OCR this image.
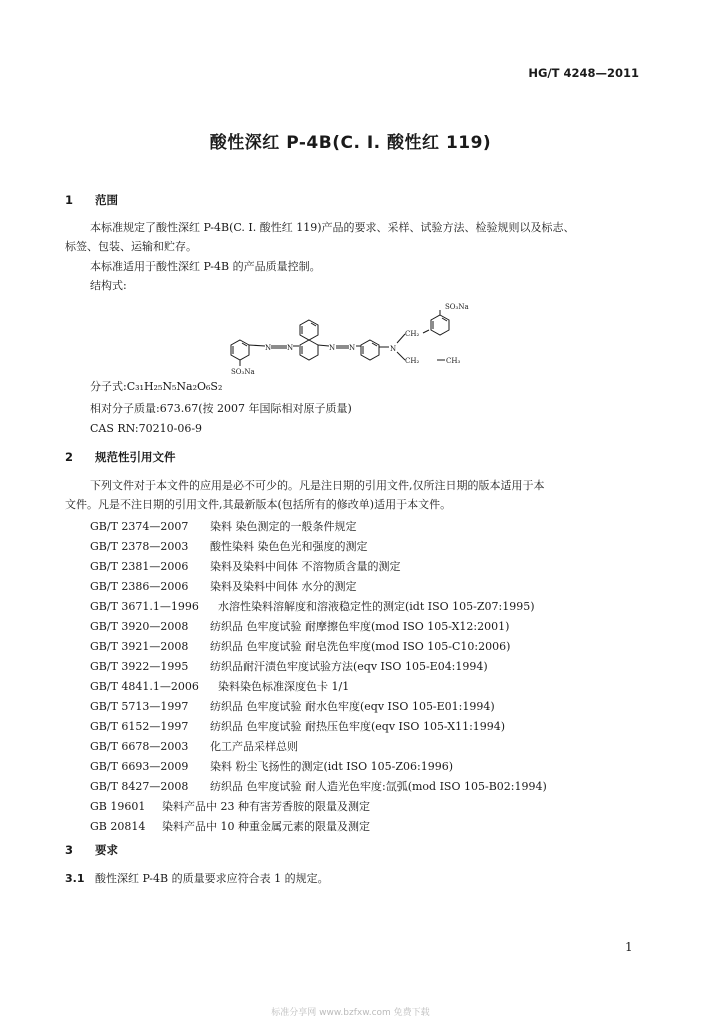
HG/T 4248—2011
酸性深红 P-4B(C. I. 酸性红 119)
1 范围
本标准规定了酸性深红 P-4B(C. I. 酸性红 119)产品的要求、采样、试验方法、检验规则以及标志、
标签、包装、运输和贮存。
本标准适用于酸性深红 P-4B 的产品质量控制。
结构式:
SO₃Na
SO₃Na
N N	N N	N
CH₂
CH₂	CH₃
分子式:C₃₁H₂₅N₅Na₂O₆S₂
相对分子质量:673.67(按 2007 年国际相对原子质量)
CAS RN:70210-06-9
2 规范性引用文件
下列文件对于本文件的应用是必不可少的。凡是注日期的引用文件,仅所注日期的版本适用于本
文件。凡是不注日期的引用文件,其最新版本(包括所有的修改单)适用于本文件。
GB/T 2374—2007 染料 染色测定的一般条件规定
GB/T 2378—2003 酸性染料 染色色光和强度的测定
GB/T 2381—2006 染料及染料中间体 不溶物质含量的测定
GB/T 2386—2006 染料及染料中间体 水分的测定
GB/T 3671.1—1996 水溶性染料溶解度和溶液稳定性的测定(idt ISO 105-Z07:1995)
GB/T 3920—2008 纺织品 色牢度试验 耐摩擦色牢度(mod ISO 105-X12:2001)
GB/T 3921—2008 纺织品 色牢度试验 耐皂洗色牢度(mod ISO 105-C10:2006)
GB/T 3922—1995 纺织品耐汗渍色牢度试验方法(eqv ISO 105-E04:1994)
GB/T 4841.1—2006 染料染色标准深度色卡 1/1
GB/T 5713—1997 纺织品 色牢度试验 耐水色牢度(eqv ISO 105-E01:1994)
GB/T 6152—1997 纺织品 色牢度试验 耐热压色牢度(eqv ISO 105-X11:1994)
GB/T 6678—2003 化工产品采样总则
GB/T 6693—2009 染料 粉尘飞扬性的测定(idt ISO 105-Z06:1996)
GB/T 8427—2008 纺织品 色牢度试验 耐人造光色牢度:氙弧(mod ISO 105-B02:1994)
GB 19601 染料产品中 23 种有害芳香胺的限量及测定
GB 20814 染料产品中 10 种重金属元素的限量及测定
3 要求
3.1 酸性深红 P-4B 的质量要求应符合表 1 的规定。
1
标准分享网 www.bzfxw.com 免费下载
